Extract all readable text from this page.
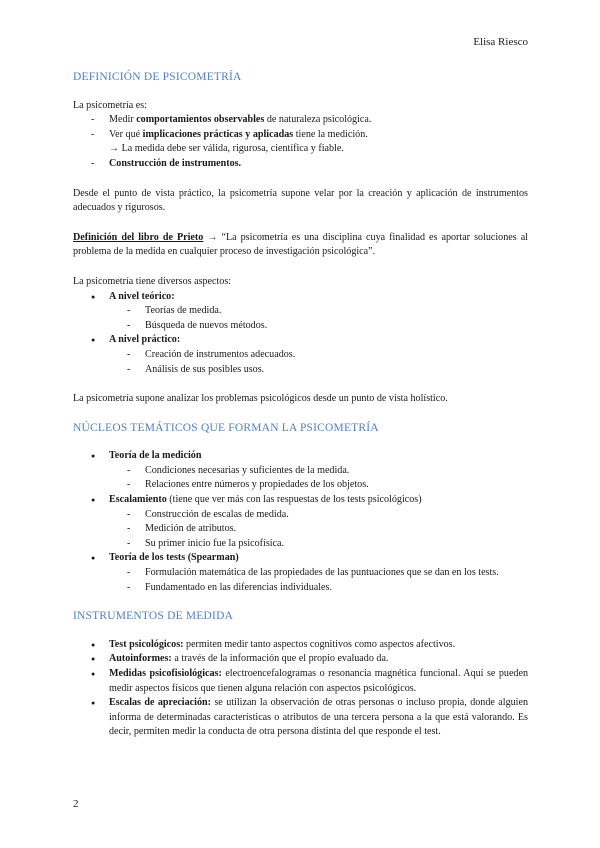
Elisa Riesco
DEFINICIÓN DE PSICOMETRÍA

La psicometría es:

- Medir comportamientos observables de naturaleza psicológica.
- Ver qué implicaciones prácticas y aplicadas tiene la medición.
→ La medida debe ser válida, rigurosa, científica y fiable.
- Construcción de instrumentos.

Desde el punto de vista práctico, la psicometría supone velar por la creación y aplicación de instrumentos adecuados y rigurosos.

Definición del libro de Prieto → “La psicometría es una disciplina cuya finalidad es aportar soluciones al problema de la medida en cualquier proceso de investigación psicológica”.

La psicometría tiene diversos aspectos:

● A nivel teórico:
- Teorías de medida.
- Búsqueda de nuevos métodos.
● A nivel práctico:
- Creación de instrumentos adecuados.
- Análisis de sus posibles usos.

La psicometría supone analizar los problemas psicológicos desde un punto de vista holístico.

NÚCLEOS TEMÁTICOS QUE FORMAN LA PSICOMETRÍA
● Teoría de la medición
- Condiciones necesarias y suficientes de la medida.
- Relaciones entre números y propiedades de los objetos.
● Escalamiento (tiene que ver más con las respuestas de los tests psicológicos)
- Construcción de escalas de medida.
- Medición de atributos.
- Su primer inicio fue la psicofísica.
● Teoría de los tests (Spearman)
- Formulación matemática de las propiedades de las puntuaciones que se dan en los tests.
- Fundamentado en las diferencias individuales.
INSTRUMENTOS DE MEDIDA
● Test psicológicos: permiten medir tanto aspectos cognitivos como aspectos afectivos.
● Autoinformes: a través de la información que el propio evaluado da.
● Medidas psicofisiológicas: electroencefalogramas o resonancia magnética funcional. Aquí se pueden medir aspectos físicos que tienen alguna relación con aspectos psicológicos.
● Escalas de apreciación: se utilizan la observación de otras personas o incluso propia, donde alguien informa de determinadas características o atributos de una tercera persona a la que está valorando. Es decir, permiten medir la conducta de otra persona distinta del que responde el test.
2
